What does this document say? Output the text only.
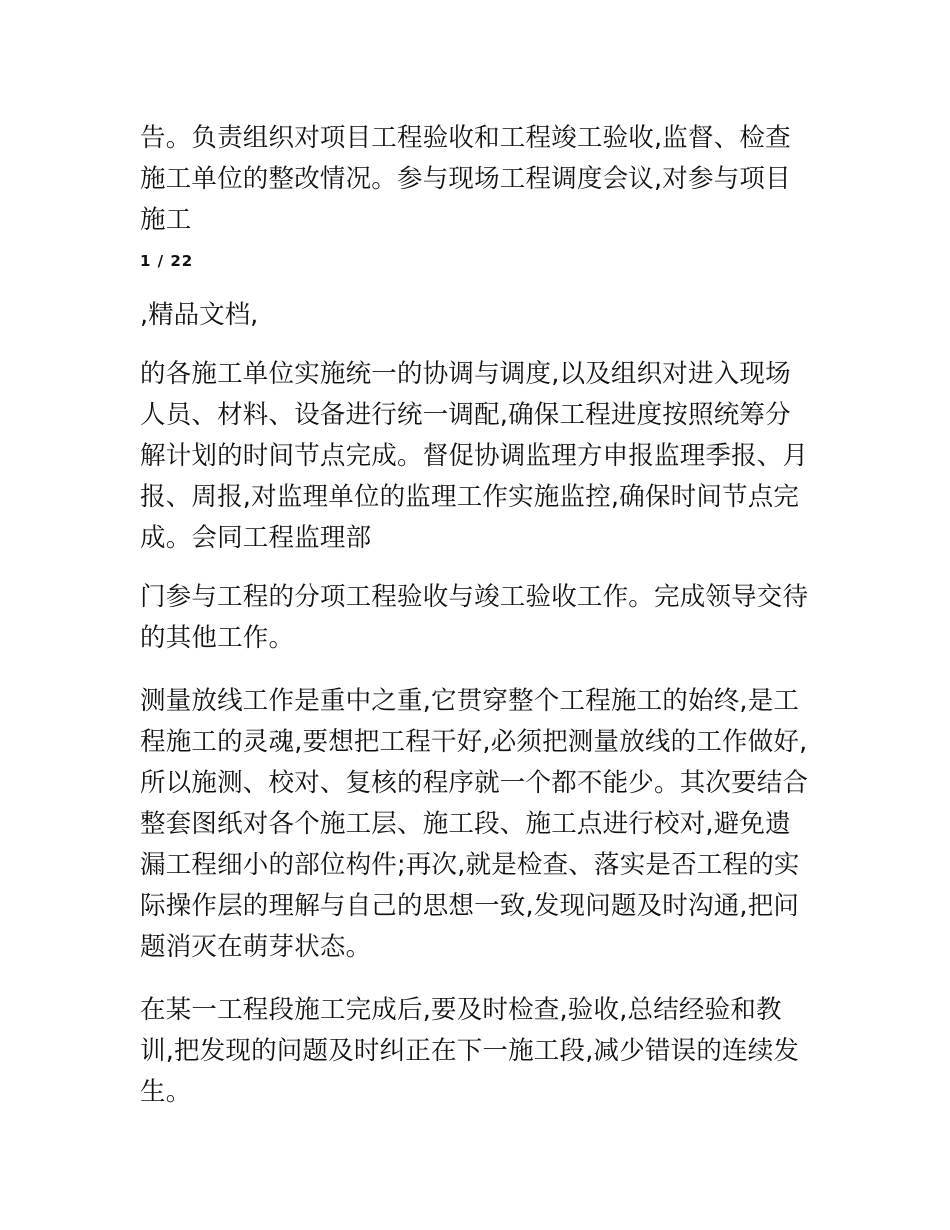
告。负责组织对项目工程验收和工程竣工验收,监督、检查施工单位的整改情况。参与现场工程调度会议,对参与项目施工

1 / 22
,精品文档,

的各施工单位实施统一的协调与调度,以及组织对进入现场人员、材料、设备进行统一调配,确保工程进度按照统筹分解计划的时间节点完成。督促协调监理方申报监理季报、月报、周报,对监理单位的监理工作实施监控,确保时间节点完成。会同工程监理部

门参与工程的分项工程验收与竣工验收工作。完成领导交待的其他工作。

测量放线工作是重中之重,它贯穿整个工程施工的始终,是工程施工的灵魂,要想把工程干好,必须把测量放线的工作做好,所以施测、校对、复核的程序就一个都不能少。其次要结合整套图纸对各个施工层、施工段、施工点进行校对,避免遗漏工程细小的部位构件;再次,就是检查、落实是否工程的实际操作层的理解与自己的思想一致,发现问题及时沟通,把问题消灭在萌芽状态。

在某一工程段施工完成后,要及时检查,验收,总结经验和教训,把发现的问题及时纠正在下一施工段,减少错误的连续发生。
